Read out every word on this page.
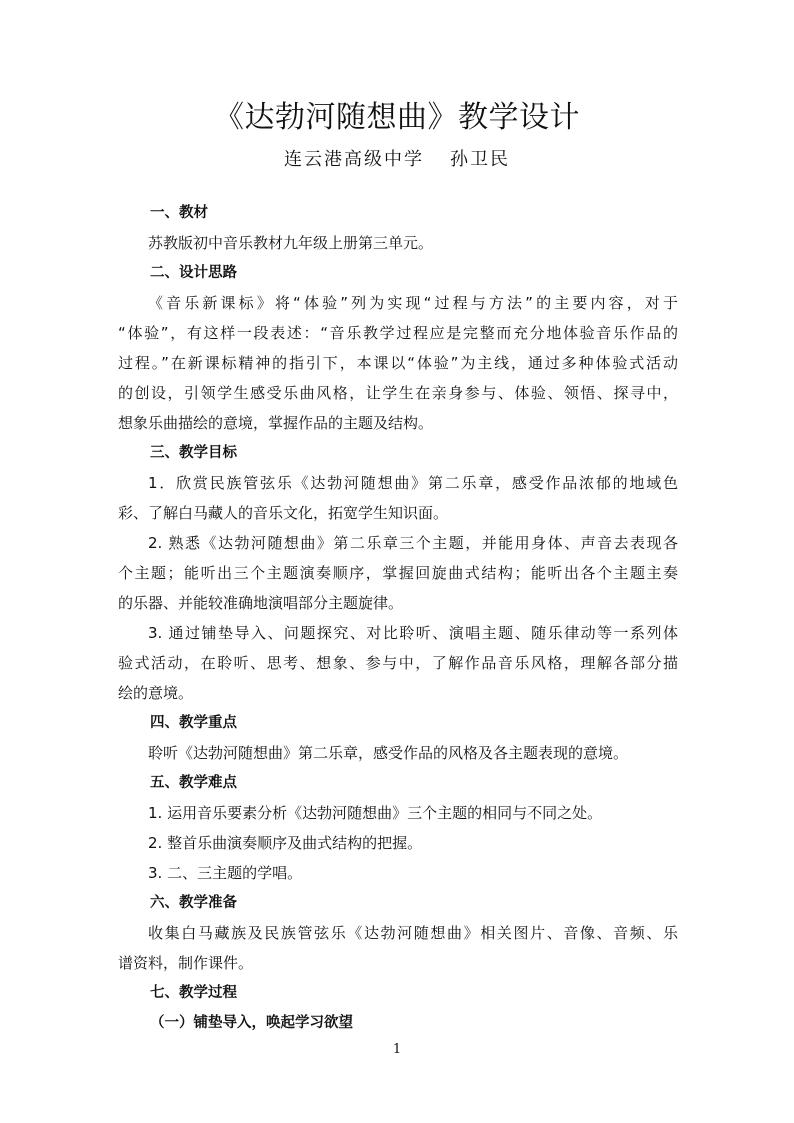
《达勃河随想曲》教学设计
连云港高级中学 孙卫民
一、教材
苏教版初中音乐教材九年级上册第三单元。
二、设计思路
《音乐新课标》将“体验”列为实现“过程与方法”的主要内容，对于
“体验”，有这样一段表述：“音乐教学过程应是完整而充分地体验音乐作品的
过程。”在新课标精神的指引下，本课以“体验”为主线，通过多种体验式活动
的创设，引领学生感受乐曲风格，让学生在亲身参与、体验、领悟、探寻中，
想象乐曲描绘的意境，掌握作品的主题及结构。
三、教学目标
1．欣赏民族管弦乐《达勃河随想曲》第二乐章，感受作品浓郁的地域色
彩、了解白马藏人的音乐文化，拓宽学生知识面。
2. 熟悉《达勃河随想曲》第二乐章三个主题，并能用身体、声音去表现各
个主题；能听出三个主题演奏顺序，掌握回旋曲式结构；能听出各个主题主奏
的乐器、并能较准确地演唱部分主题旋律。
3. 通过铺垫导入、问题探究、对比聆听、演唱主题、随乐律动等一系列体
验式活动，在聆听、思考、想象、参与中，了解作品音乐风格，理解各部分描
绘的意境。
四、教学重点
聆听《达勃河随想曲》第二乐章，感受作品的风格及各主题表现的意境。
五、教学难点
1. 运用音乐要素分析《达勃河随想曲》三个主题的相同与不同之处。
2. 整首乐曲演奏顺序及曲式结构的把握。
3. 二、三主题的学唱。
六、教学准备
收集白马藏族及民族管弦乐《达勃河随想曲》相关图片、音像、音频、乐
谱资料，制作课件。
七、教学过程
（一）铺垫导入，唤起学习欲望
1
